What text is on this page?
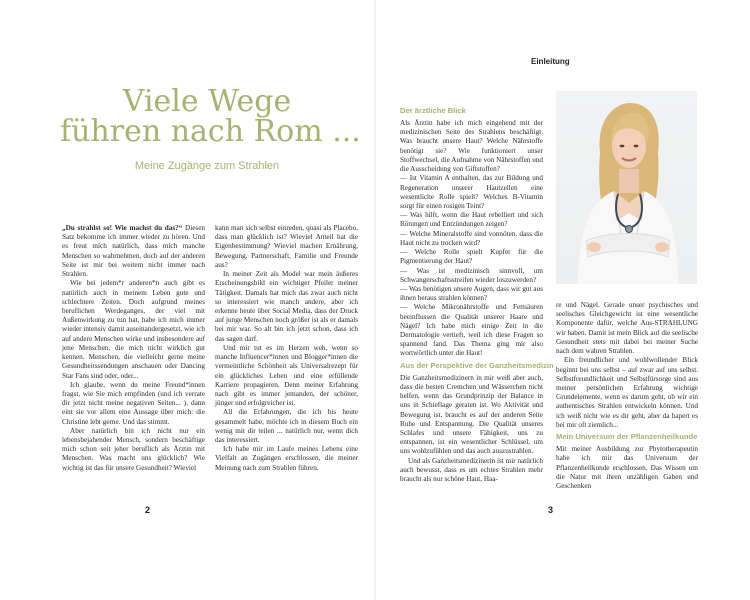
Einleitung
Viele Wege
führen nach Rom ...
Meine Zugänge zum Strahlen

„Du strahlst so! Wie machst du das?“ Diesen Satz bekomme ich immer wieder zu hören. Und es freut mich natürlich, dass mich manche Menschen so wahrnehmen, doch auf der anderen Seite ist mir bei weitem nicht immer nach Strahlen.

Wie bei jedem*r anderen*n auch gibt es natürlich auch in meinem Leben gute und schlechtere Zeiten. Doch aufgrund meines beruflichen Werdeganges, der viel mit Außenwirkung zu tun hat, habe ich mich immer wieder intensiv damit auseinandergesetzt, wie ich auf andere Menschen wirke und insbesondere auf jene Menschen, die mich nicht wirklich gut kennen. Menschen, die vielleicht gerne meine Gesundheitssendungen anschauen oder Dancing Star Fans sind oder, oder...

Ich glaube, wenn du meine Freund*innen fragst, wie Sie mich empfinden (und ich verrate dir jetzt nicht meine negativen Seiten... ), dann eint sie vor allem eine Aussage über mich: die Christine lebt gerne. Und das stimmt.

Aber natürlich bin ich nicht nur ein lebensbejahender Mensch, sondern beschäftige mich schon seit jeher beruflich als Ärztin mit Menschen. Was macht uns glücklich? Wie wichtig ist das für unsere Gesundheit? Wieviel

kann man sich selbst einreden, quasi als Placebo, dass man glücklich ist? Wieviel Anteil hat die Eigenbestimmung? Wieviel machen Ernährung, Bewegung, Partnerschaft, Familie und Freunde aus?

In meiner Zeit als Model war mein äußeres Erscheinungsbild ein wichtiger Pfeiler meiner Tätigkeit. Damals hat mich das zwar auch nicht so interessiert wie manch andere, aber ich erkenne heute über Social Media, dass der Druck auf junge Menschen noch größer ist als er damals bei mir war. So alt bin ich jetzt schon, dass ich das sagen darf.

Und mir tut es im Herzen weh, wenn so manche Influencer*innen und Blogger*innen die vermeintliche Schönheit als Universalrezept für ein glückliches Leben und eine erfüllende Karriere propagieren. Denn meiner Erfahrung nach gibt es immer jemanden, der schöner, jünger und erfolgreicher ist.

All die Erfahrungen, die ich bis heute gesammelt habe, möchte ich in diesem Buch ein wenig mit dir teilen ... natürlich nur, wenn dich das interessiert.

Ich habe mir im Laufe meines Lebens eine Vielfalt an Zugängen erschlossen, die meiner Meinung nach zum Strahlen führen.

2
Der ärztliche Blick

Als Ärztin habe ich mich eingehend mit der medizinischen Seite des Strahlens beschäftigt. Was braucht unsere Haut? Welche Nährstoffe benötigt sie? Wie funktioniert unser Stoffwechsel, die Aufnahme von Nährstoffen und die Ausscheidung von Giftstoffen?

— Ist Vitamin A enthalten, das zur Bildung und Regeneration unserer Hautzellen eine wesentliche Rolle spielt? Welches B-Vitamin sorgt für einen rosigen Teint?

— Was hilft, wenn die Haut rebelliert und sich Rötungen und Entzündungen zeigen?

— Welche Mineralstoffe sind vonnöten, dass die Haut nicht zu trocken wird?

— Welche Rolle spielt Kupfer für die Pigmentierung der Haut?

— Was ist medizinisch sinnvoll, um Schwangerschaftsstreifen wieder loszuwerden?

— Was benötigen unsere Augen, dass wir gut aus ihnen heraus strahlen können?

— Welche Mikronährstoffe und Fettsäuren beeinflussen die Qualität unserer Haare und Nägel? Ich habe mich einige Zeit in die Dermatologie vertieft, weil ich diese Fragen so spannend fand. Das Thema ging mir also wortwörtlich unter die Haut!

Aus der Perspektive der Ganzheitsmedizin

Die Ganzheitsmedizinern in mir weiß aber auch, dass die besten Cremchen und Wässerchen nicht helfen, wenn das Grundprinzip der Balance in uns in Schieflage geraten ist. Wo Aktivität und Bewegung ist, braucht es auf der anderen Seite Ruhe und Entspannung. Die Qualität unseres Schlafes und unsere Fähigkeit, uns zu entspannen, ist ein wesentlicher Schlüssel, um uns wohlzufühlen und das auch auszustrahlen.

Und als Ganzheitsmedizinerin ist mir natürlich auch bewusst, dass es um echtes Strahlen mehr braucht als nur schöne Haut, Haa-

re und Nägel. Gerade unser psychisches und seelisches Gleichgewicht ist eine wesentliche Komponente dafür, welche Aus-STRAHLUNG wir haben. Damit ist mein Blick auf die seelische Gesundheit stets mit dabei bei meiner Suche nach dem wahren Strahlen.

Ein freundlicher und wohlwollender Blick beginnt bei uns selbst – auf zwar auf uns selbst. Selbstfreundlichkeit und Selbstfürsorge sind aus meiner persönlichen Erfahrung wichtige Grundelemente, wenn es darum geht, ob wir ein authentisches Strahlen entwickeln können. Und ich weiß nicht wie es dir geht, aber da hapert es bei mir oft ziemlich...

Mein Universum der Pflanzenheilkunde

Mit meiner Ausbildung zur Phytotherapeutin habe ich mir das Universum der Pflanzenheilkunde erschlossen. Das Wissen um die Natur mit ihren unzähligen Gaben und Geschenken

3
